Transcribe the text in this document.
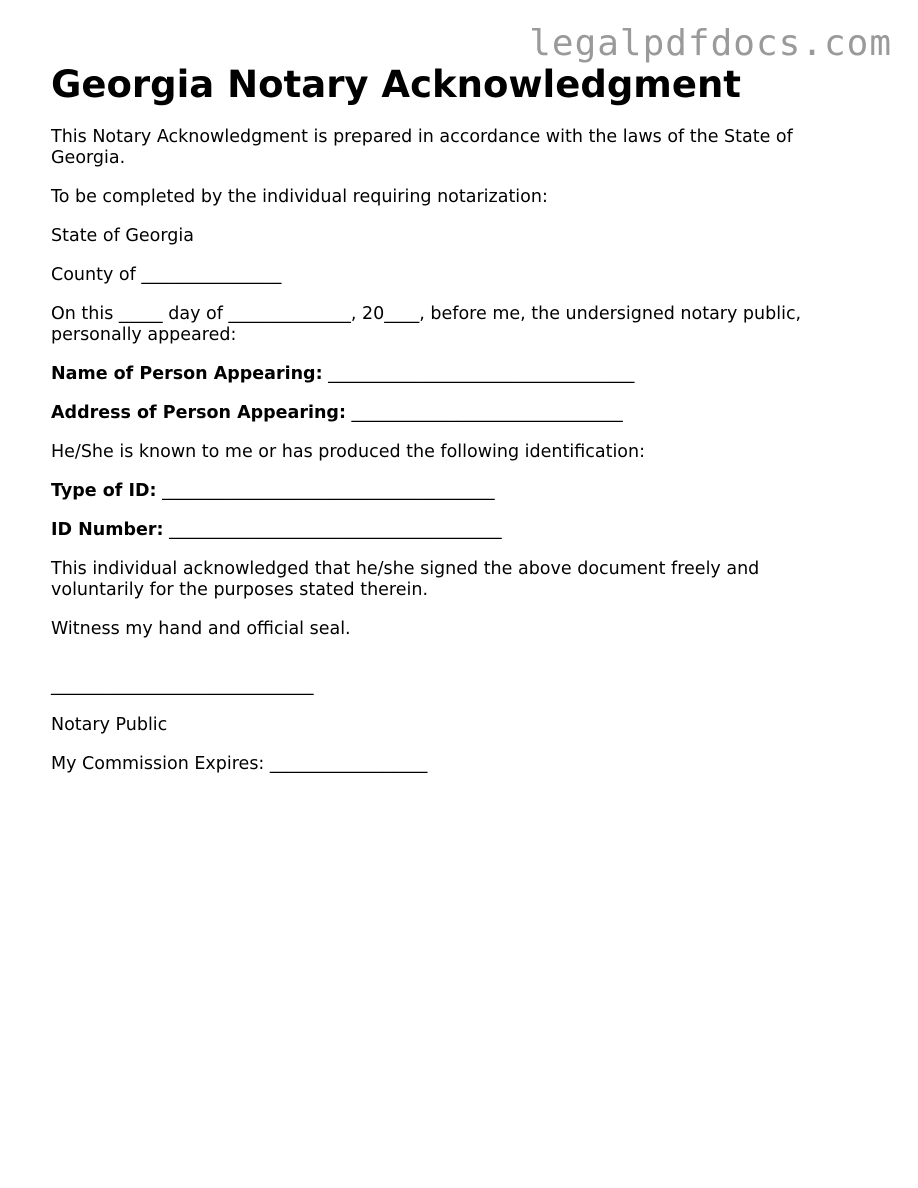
legalpdfdocs.com
Georgia Notary Acknowledgment

This Notary Acknowledgment is prepared in accordance with the laws of the State of Georgia.

To be completed by the individual requiring notarization:

State of Georgia

County of ________________

On this _____ day of ______________, 20____, before me, the undersigned notary public, personally appeared:

Name of Person Appearing: ___________________________________

Address of Person Appearing: _______________________________

He/She is known to me or has produced the following identification:

Type of ID: ______________________________________

ID Number: ______________________________________

This individual acknowledged that he/she signed the above document freely and voluntarily for the purposes stated therein.

Witness my hand and official seal.

______________________________

Notary Public

My Commission Expires: __________________
